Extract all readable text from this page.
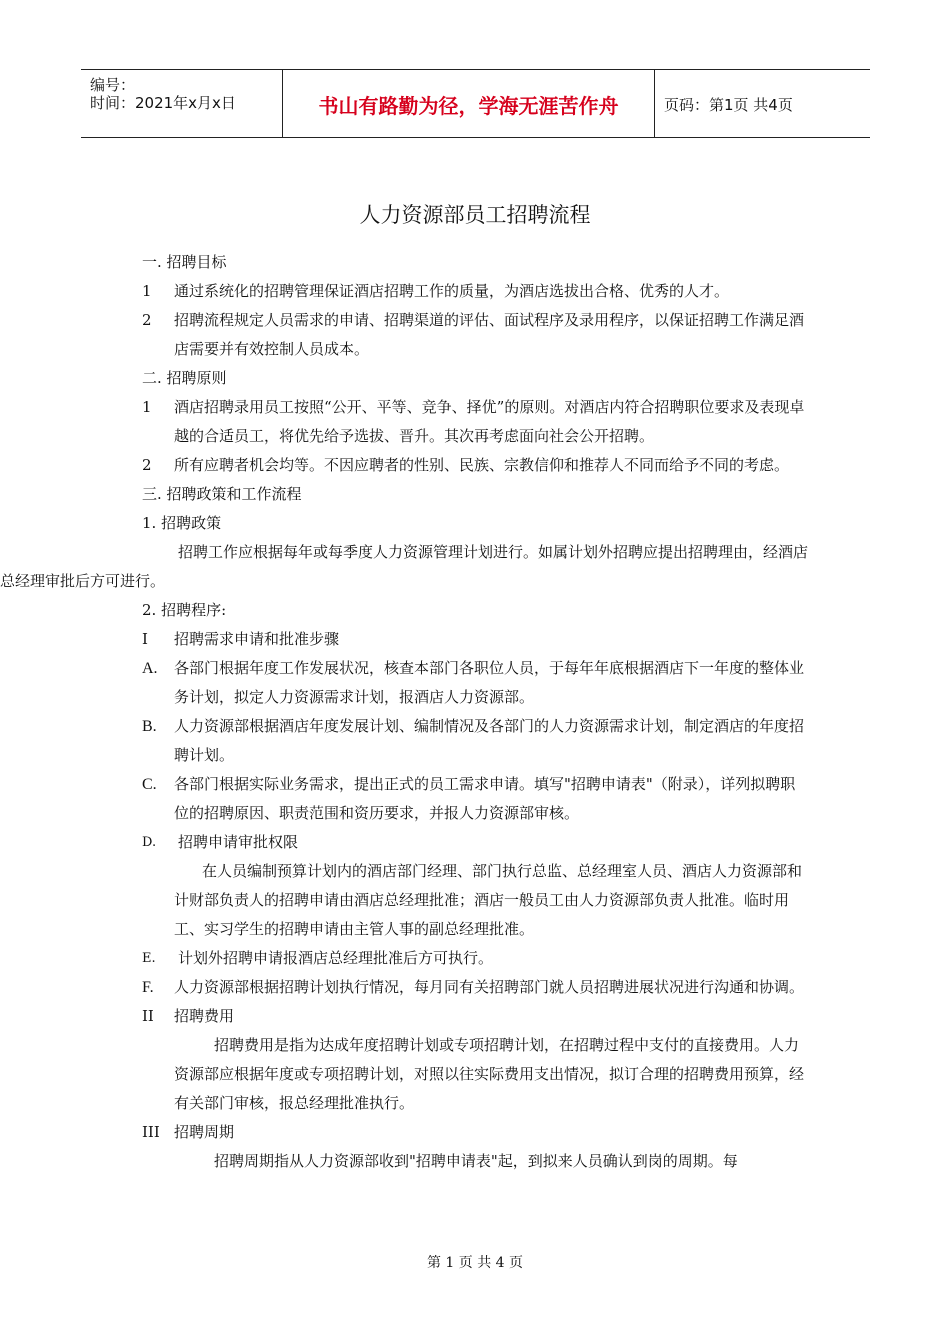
编号：
时间：2021年x月x日	书山有路勤为径，学海无涯苦作舟	页码：第1页 共4页
人力资源部员工招聘流程
一. 招聘目标
1 通过系统化的招聘管理保证酒店招聘工作的质量，为酒店选拔出合格、优秀的人才。
2 招聘流程规定人员需求的申请、招聘渠道的评估、面试程序及录用程序，以保证招聘工作满足酒店需要并有效控制人员成本。
二. 招聘原则
1 酒店招聘录用员工按照“公开、平等、竞争、择优”的原则。对酒店内符合招聘职位要求及表现卓越的合适员工，将优先给予选拔、晋升。其次再考虑面向社会公开招聘。
2 所有应聘者机会均等。不因应聘者的性别、民族、宗教信仰和推荐人不同而给予不同的考虑。
三. 招聘政策和工作流程
1. 招聘政策
招聘工作应根据每年或每季度人力资源管理计划进行。如属计划外招聘应提出招聘理由，经酒店总经理审批后方可进行。
2. 招聘程序:
I 招聘需求申请和批准步骤
A. 各部门根据年度工作发展状况，核查本部门各职位人员，于每年年底根据酒店下一年度的整体业务计划，拟定人力资源需求计划，报酒店人力资源部。
B. 人力资源部根据酒店年度发展计划、编制情况及各部门的人力资源需求计划，制定酒店的年度招聘计划。
C. 各部门根据实际业务需求，提出正式的员工需求申请。填写"招聘申请表"（附录），详列拟聘职位的招聘原因、职责范围和资历要求，并报人力资源部审核。
D. 招聘申请审批权限
在人员编制预算计划内的酒店部门经理、部门执行总监、总经理室人员、酒店人力资源部和计财部负责人的招聘申请由酒店总经理批准；酒店一般员工由人力资源部负责人批准。临时用工、实习学生的招聘申请由主管人事的副总经理批准。
E. 计划外招聘申请报酒店总经理批准后方可执行。
F. 人力资源部根据招聘计划执行情况，每月同有关招聘部门就人员招聘进展状况进行沟通和协调。
II 招聘费用
招聘费用是指为达成年度招聘计划或专项招聘计划，在招聘过程中支付的直接费用。人力资源部应根据年度或专项招聘计划，对照以往实际费用支出情况，拟订合理的招聘费用预算，经有关部门审核，报总经理批准执行。
III 招聘周期
招聘周期指从人力资源部收到"招聘申请表"起，到拟来人员确认到岗的周期。每
第 1 页 共 4 页
